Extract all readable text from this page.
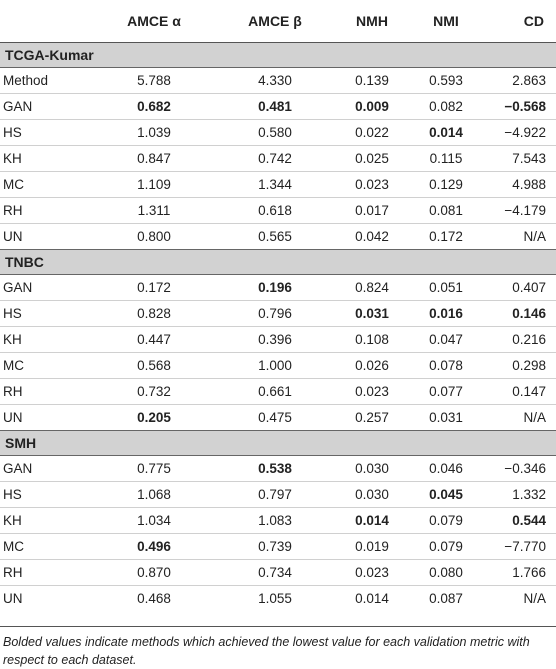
	AMCE α	AMCE β	NMH	NMI	CD
TCGA-Kumar					
Method	5.788	4.330	0.139	0.593	2.863
GAN	0.682	0.481	0.009	0.082	−0.568
HS	1.039	0.580	0.022	0.014	−4.922
KH	0.847	0.742	0.025	0.115	7.543
MC	1.109	1.344	0.023	0.129	4.988
RH	1.311	0.618	0.017	0.081	−4.179
UN	0.800	0.565	0.042	0.172	N/A
TNBC					
GAN	0.172	0.196	0.824	0.051	0.407
HS	0.828	0.796	0.031	0.016	0.146
KH	0.447	0.396	0.108	0.047	0.216
MC	0.568	1.000	0.026	0.078	0.298
RH	0.732	0.661	0.023	0.077	0.147
UN	0.205	0.475	0.257	0.031	N/A
SMH					
GAN	0.775	0.538	0.030	0.046	−0.346
HS	1.068	0.797	0.030	0.045	1.332
KH	1.034	1.083	0.014	0.079	0.544
MC	0.496	0.739	0.019	0.079	−7.770
RH	0.870	0.734	0.023	0.080	1.766
UN	0.468	1.055	0.014	0.087	N/A
Bolded values indicate methods which achieved the lowest value for each validation metric with respect to each dataset.
